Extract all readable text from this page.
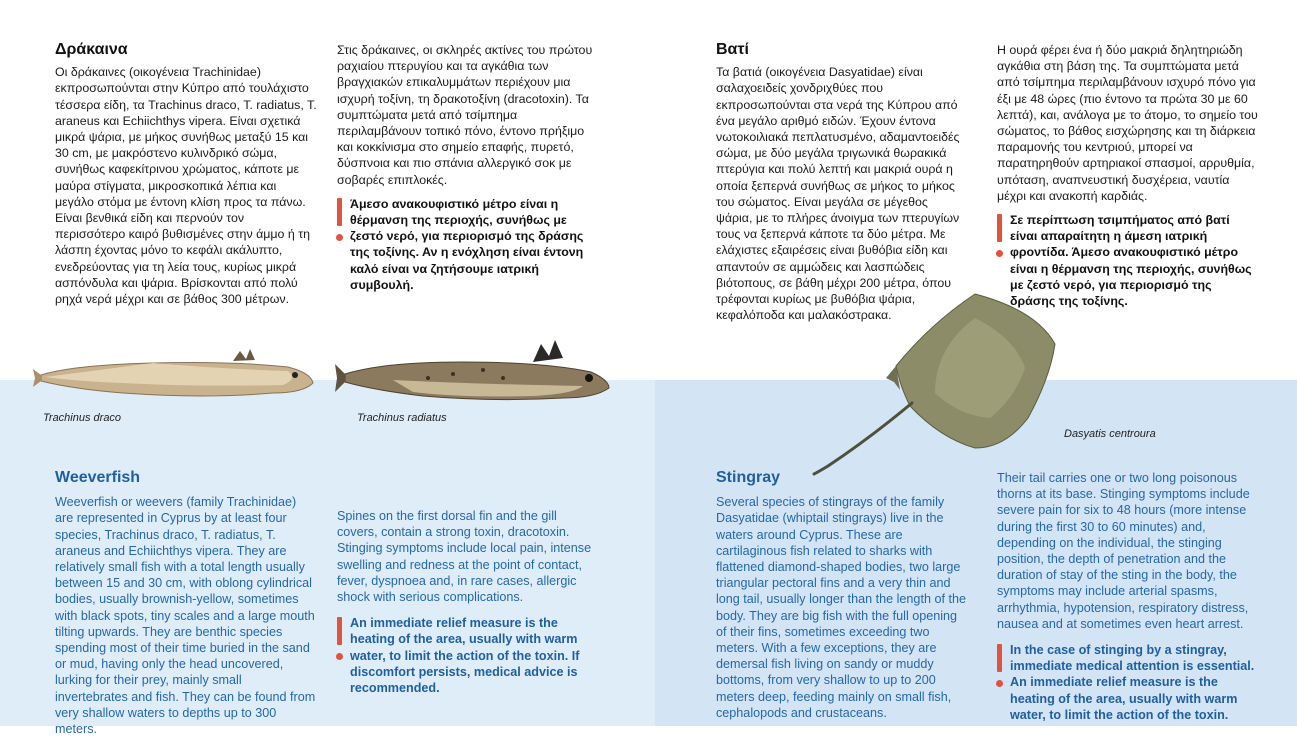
Δράκαινα

Οι δράκαινες (οικογένεια Trachinidae) εκπροσωπούνται στην Κύπρο από τουλάχιστο τέσσερα είδη, τα Trachinus draco, T. radiatus, T. araneus και Echiichthys vipera. Είναι σχετικά μικρά ψάρια, με μήκος συνήθως μεταξύ 15 και 30 cm, με μακρόστενο κυλινδρικό σώμα, συνήθως καφεκίτρινου χρώματος, κάποτε με μαύρα στίγματα, μικροσκοπικά λέπια και μεγάλο στόμα με έντονη κλίση προς τα πάνω. Είναι βενθικά είδη και περνούν τον περισσότερο καιρό βυθισμένες στην άμμο ή τη λάσπη έχοντας μόνο το κεφάλι ακάλυπτο, ενεδρεύοντας για τη λεία τους, κυρίως μικρά ασπόνδυλα και ψάρια. Βρίσκονται από πολύ ρηχά νερά μέχρι και σε βάθος 300 μέτρων.

Στις δράκαινες, οι σκληρές ακτίνες του πρώτου ραχιαίου πτερυγίου και τα αγκάθια των βραγχιακών επικαλυμμάτων περιέχουν μια ισχυρή τοξίνη, τη δρακοτοξίνη (dracotoxin). Τα συμπτώματα μετά από τσίμπημα περιλαμβάνουν τοπικό πόνο, έντονο πρήξιμο και κοκκίνισμα στο σημείο επαφής, πυρετό, δύσπνοια και πιο σπάνια αλλεργικό σοκ με σοβαρές επιπλοκές.

Άμεσο ανακουφιστικό μέτρο είναι η θέρμανση της περιοχής, συνήθως με ζεστό νερό, για περιορισμό της δράσης της τοξίνης. Αν η ενόχληση είναι έντονη καλό είναι να ζητήσουμε ιατρική συμβουλή.
Βατί

Τα βατιά (οικογένεια Dasyatidae) είναι σαλαχοειδείς χονδριχθύες που εκπροσωπούνται στα νερά της Κύπρου από ένα μεγάλο αριθμό ειδών. Έχουν έντονα νωτοκοιλιακά πεπλατυσμένο, αδαμαντοειδές σώμα, με δύο μεγάλα τριγωνικά θωρακικά πτερύγια και πολύ λεπτή και μακριά ουρά η οποία ξεπερνά συνήθως σε μήκος το μήκος του σώματος. Είναι μεγάλα σε μέγεθος ψάρια, με το πλήρες άνοιγμα των πτερυγίων τους να ξεπερνά κάποτε τα δύο μέτρα. Με ελάχιστες εξαιρέσεις είναι βυθόβια είδη και απαντούν σε αμμώδεις και λασπώδεις βιότοπους, σε βάθη μέχρι 200 μέτρα, όπου τρέφονται κυρίως με βυθόβια ψάρια, κεφαλόποδα και μαλακόστρακα.

Η ουρά φέρει ένα ή δύο μακριά δηλητηριώδη αγκάθια στη βάση της. Τα συμπτώματα μετά από τσίμπημα περιλαμβάνουν ισχυρό πόνο για έξι με 48 ώρες (πιο έντονο τα πρώτα 30 με 60 λεπτά), και, ανάλογα με το άτομο, το σημείο του σώματος, το βάθος εισχώρησης και τη διάρκεια παραμονής του κεντριού, μπορεί να παρατηρηθούν αρτηριακοί σπασμοί, αρρυθμία, υπόταση, αναπνευστική δυσχέρεια, ναυτία μέχρι και ανακοπή καρδιάς.

Σε περίπτωση τσιμπήματος από βατί είναι απαραίτητη η άμεση ιατρική φροντίδα. Άμεσο ανακουφιστικό μέτρο είναι η θέρμανση της περιοχής, συνήθως με ζεστό νερό, για περιορισμό της δράσης της τοξίνης.
Weeverfish

Weeverfish or weevers (family Trachinidae) are represented in Cyprus by at least four species, Trachinus draco, T. radiatus, T. araneus and Echiichthys vipera. They are relatively small fish with a total length usually between 15 and 30 cm, with oblong cylindrical bodies, usually brownish-yellow, sometimes with black spots, tiny scales and a large mouth tilting upwards. They are benthic species spending most of their time buried in the sand or mud, having only the head uncovered, lurking for their prey, mainly small invertebrates and fish. They can be found from very shallow waters to depths up to 300 meters.

Spines on the first dorsal fin and the gill covers, contain a strong toxin, dracotoxin. Stinging symptoms include local pain, intense swelling and redness at the point of contact, fever, dyspnoea and, in rare cases, allergic shock with serious complications.

An immediate relief measure is the heating of the area, usually with warm water, to limit the action of the toxin. If discomfort persists, medical advice is recommended.
Stingray

Several species of stingrays of the family Dasyatidae (whiptail stingrays) live in the waters around Cyprus. These are cartilaginous fish related to sharks with flattened diamond-shaped bodies, two large triangular pectoral fins and a very thin and long tail, usually longer than the length of the body. They are big fish with the full opening of their fins, sometimes exceeding two meters. With a few exceptions, they are demersal fish living on sandy or muddy bottoms, from very shallow to up to 200 meters deep, feeding mainly on small fish, cephalopods and crustaceans.

Their tail carries one or two long poisonous thorns at its base. Stinging symptoms include severe pain for six to 48 hours (more intense during the first 30 to 60 minutes) and, depending on the individual, the stinging position, the depth of penetration and the duration of stay of the sting in the body, the symptoms may include arterial spasms, arrhythmia, hypotension, respiratory distress, nausea and at sometimes even heart arrest.

In the case of stinging by a stingray, immediate medical attention is essential. An immediate relief measure is the heating of the area, usually with warm water, to limit the action of the toxin.
Trachinus draco	Trachinus radiatus
Dasyatis centroura
